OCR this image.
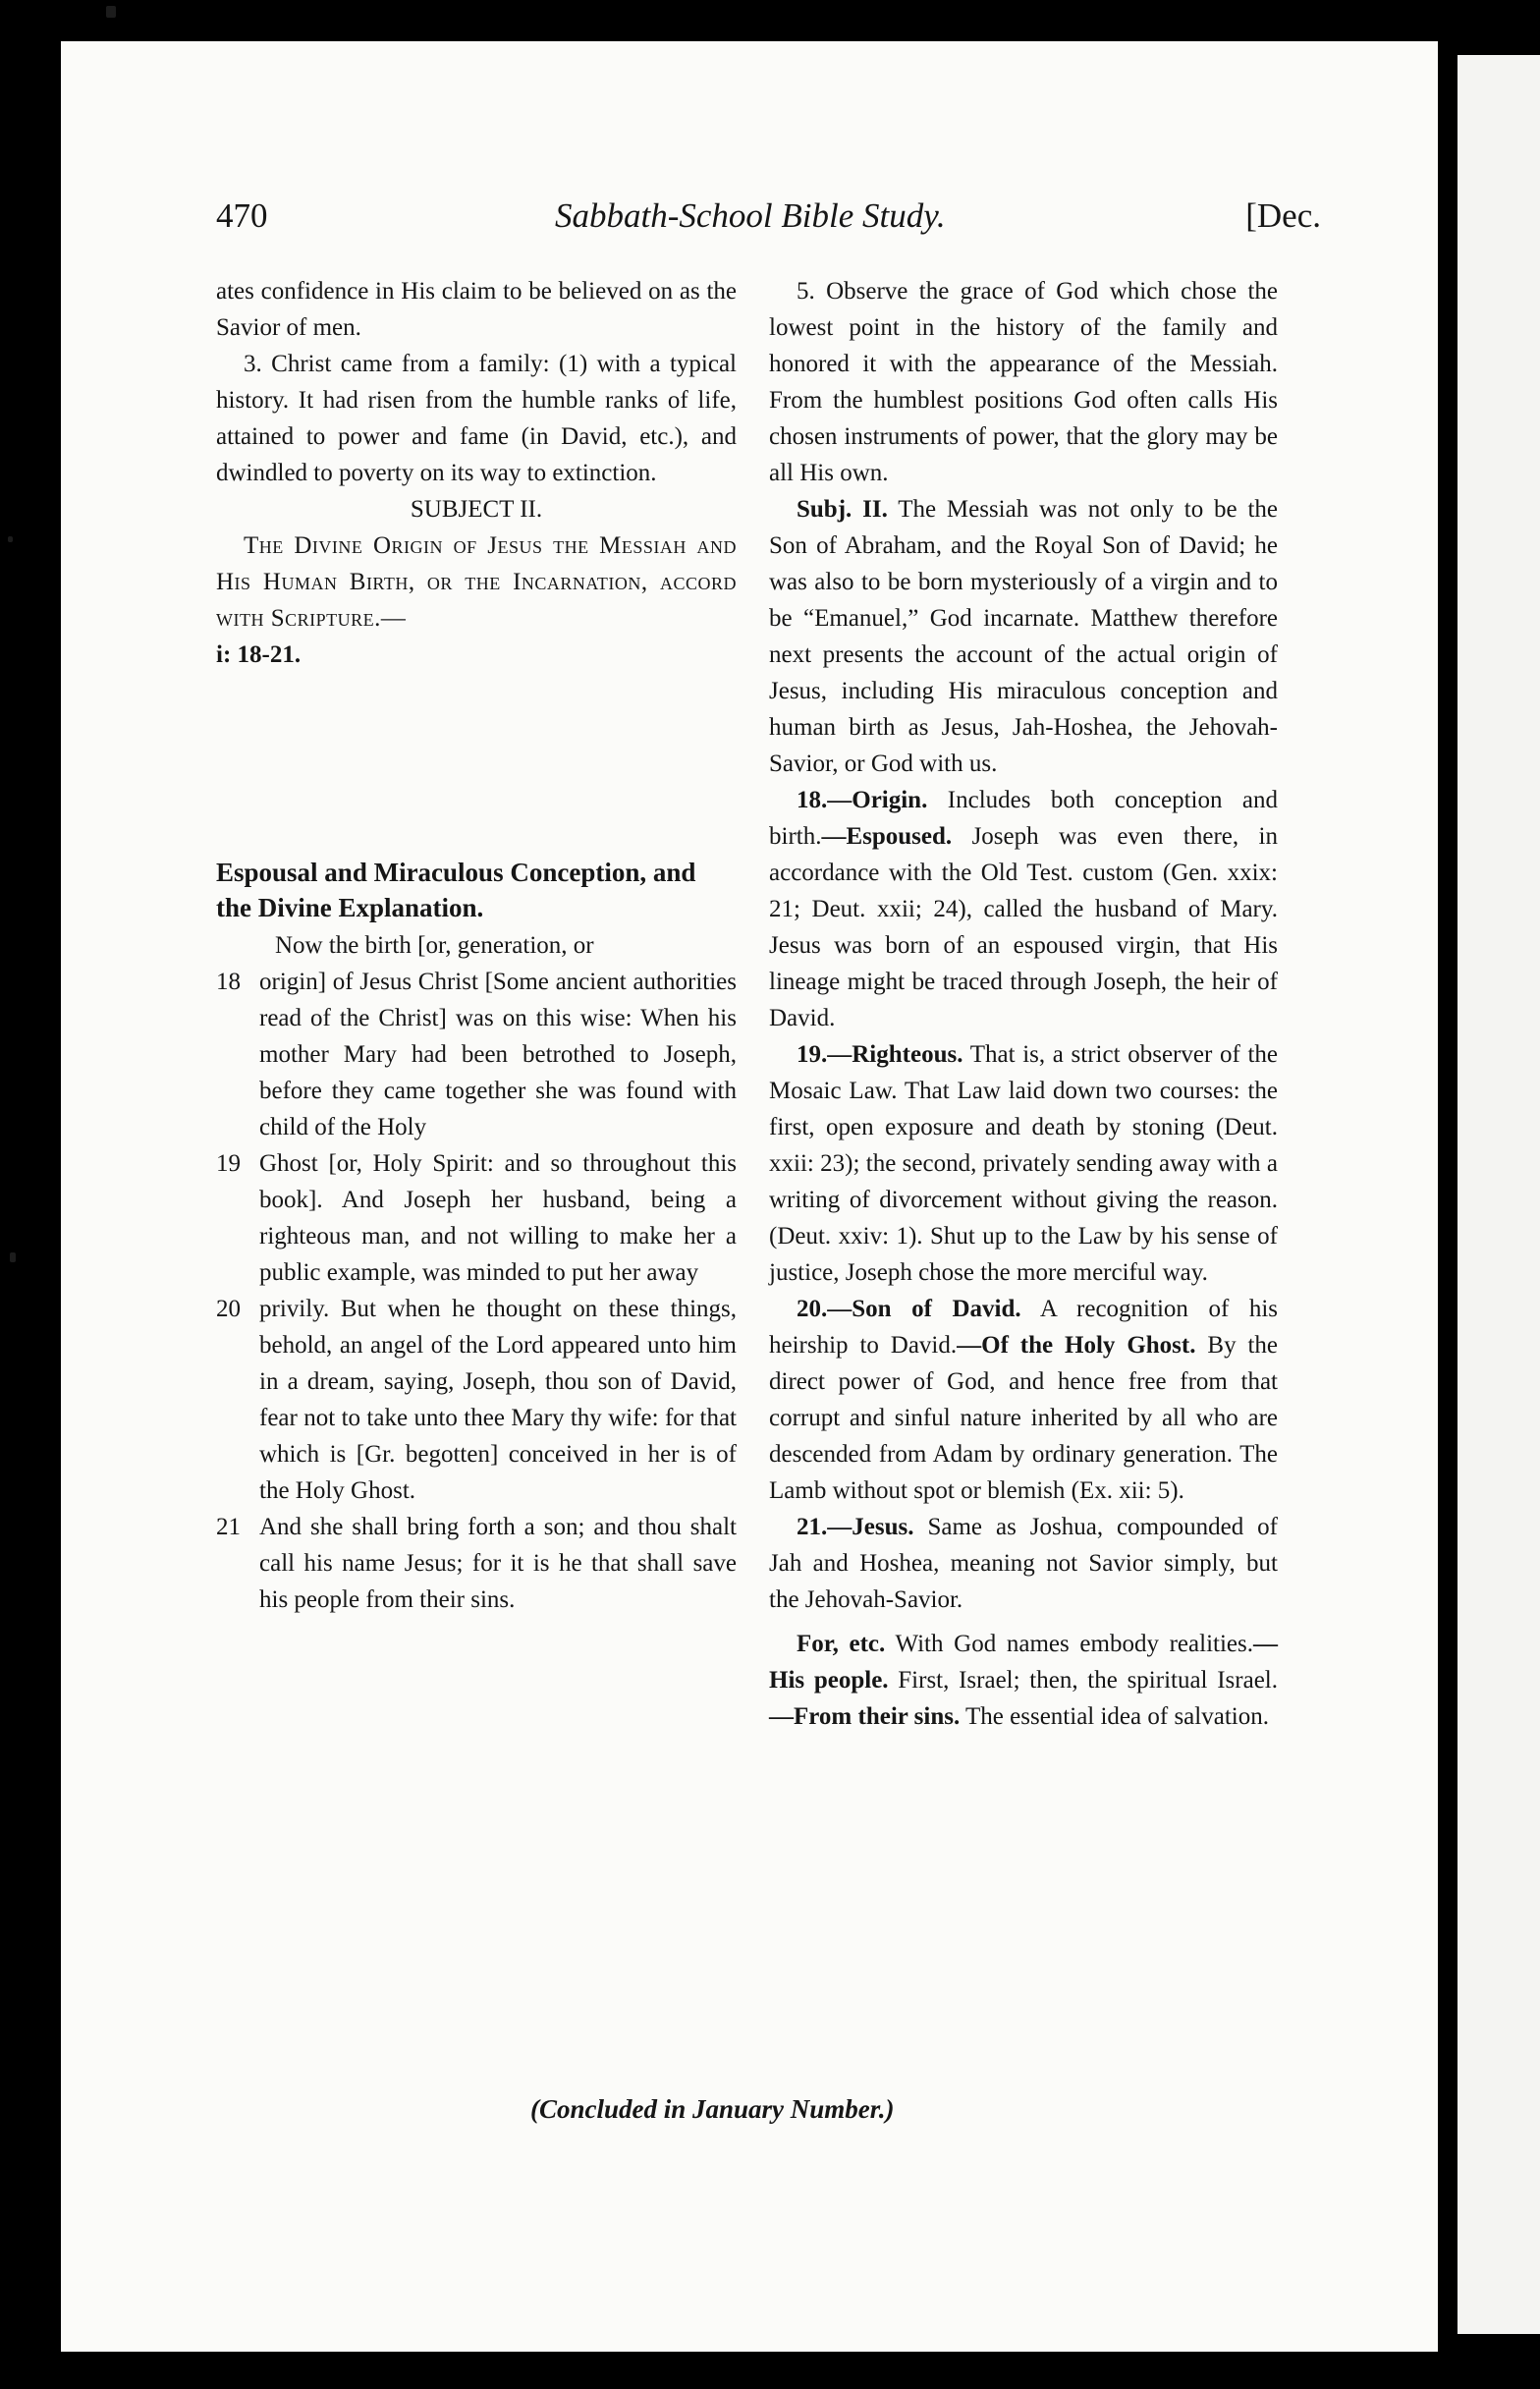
470	Sabbath-School Bible Study.	[Dec.

ates confidence in His claim to be believed on as the Savior of men.

3. Christ came from a family: (1) with a typical history. It had risen from the humble ranks of life, attained to power and fame (in David, etc.), and dwindled to poverty on its way to extinction.

SUBJECT II.

The Divine Origin of Jesus the Messiah and His Human Birth, or the Incarnation, accord with Scripture.—

i: 18-21.

Espousal and Miraculous Conception, and the Divine Explanation.

Now the birth [or, generation, or

18 origin] of Jesus Christ [Some ancient authorities read of the Christ] was on this wise: When his mother Mary had been betrothed to Joseph, before they came together she was found with child of the Holy

19 Ghost [or, Holy Spirit: and so throughout this book]. And Joseph her husband, being a righteous man, and not willing to make her a public example, was minded to put her away

20 privily. But when he thought on these things, behold, an angel of the Lord appeared unto him in a dream, saying, Joseph, thou son of David, fear not to take unto thee Mary thy wife: for that which is [Gr. begotten] conceived in her is of the Holy Ghost.

21 And she shall bring forth a son; and thou shalt call his name Jesus; for it is he that shall save his people from their sins.

5. Observe the grace of God which chose the lowest point in the history of the family and honored it with the appearance of the Messiah. From the humblest positions God often calls His chosen instruments of power, that the glory may be all His own.

Subj. II. The Messiah was not only to be the Son of Abraham, and the Royal Son of David; he was also to be born mysteriously of a virgin and to be “Emanuel,” God incarnate. Matthew therefore next presents the account of the actual origin of Jesus, including His miraculous conception and human birth as Jesus, Jah-Hoshea, the Jehovah-Savior, or God with us.

18.—Origin. Includes both conception and birth.—Espoused. Joseph was even there, in accordance with the Old Test. custom (Gen. xxix: 21; Deut. xxii; 24), called the husband of Mary. Jesus was born of an espoused virgin, that His lineage might be traced through Joseph, the heir of David.

19.—Righteous. That is, a strict observer of the Mosaic Law. That Law laid down two courses: the first, open exposure and death by stoning (Deut. xxii: 23); the second, privately sending away with a writing of divorcement without giving the reason. (Deut. xxiv: 1). Shut up to the Law by his sense of justice, Joseph chose the more merciful way.

20.—Son of David. A recognition of his heirship to David.—Of the Holy Ghost. By the direct power of God, and hence free from that corrupt and sinful nature inherited by all who are descended from Adam by ordinary generation. The Lamb without spot or blemish (Ex. xii: 5).

21.—Jesus. Same as Joshua, compounded of Jah and Hoshea, meaning not Savior simply, but the Jehovah-Savior.

For, etc. With God names embody realities.—His people. First, Israel; then, the spiritual Israel.—From their sins. The essential idea of salvation.

(Concluded in January Number.)
